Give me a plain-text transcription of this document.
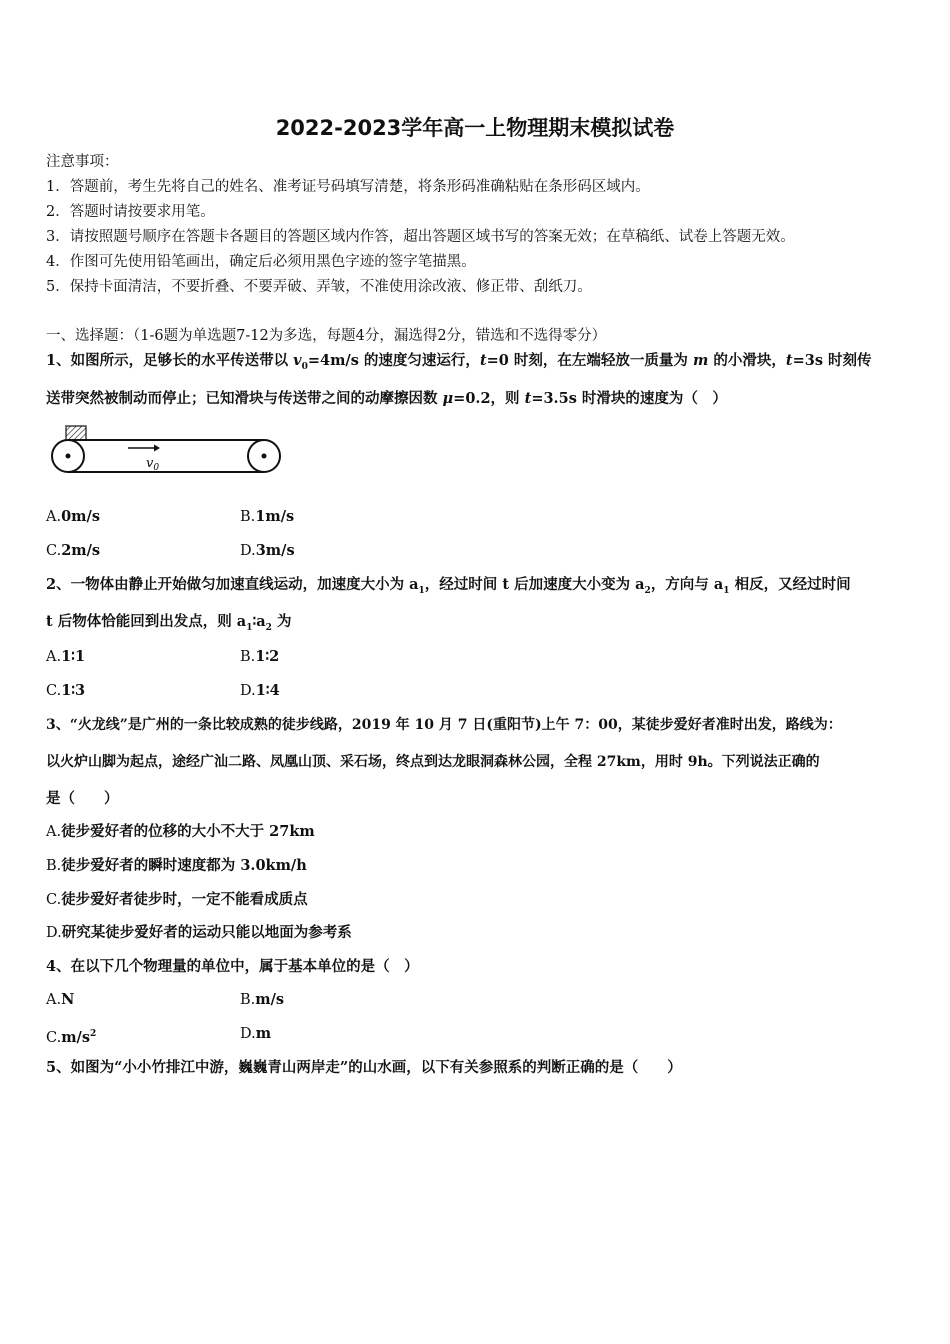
2022-2023学年高一上物理期末模拟试卷
注意事项：
1．答题前，考生先将自己的姓名、准考证号码填写清楚，将条形码准确粘贴在条形码区域内。
2．答题时请按要求用笔。
3．请按照题号顺序在答题卡各题目的答题区域内作答，超出答题区域书写的答案无效；在草稿纸、试卷上答题无效。
4．作图可先使用铅笔画出，确定后必须用黑色字迹的签字笔描黑。
5．保持卡面清洁，不要折叠、不要弄破、弄皱，不准使用涂改液、修正带、刮纸刀。
一、选择题：（1-6题为单选题7-12为多选，每题4分，漏选得2分，错选和不选得零分）
1、如图所示，足够长的水平传送带以 $v_0=4m/s$ 的速度匀速运行，t=0 时刻，在左端轻放一质量为 m 的小滑块，t=3s 时刻传
送带突然被制动而停止；已知滑块与传送带之间的动摩擦因数 μ=0.2，则 t=3.5s 时滑块的速度为（　）
$v_0$
A.0m/s	B.1m/s
C.2m/s	D.3m/s
2、一物体由静止开始做匀加速直线运动，加速度大小为 $a_1$，经过时间 t 后加速度大小变为 $a_2$，方向与 $a_1$ 相反，又经过时间
t 后物体恰能回到出发点，则 $a_1∶a_2$ 为
A.1∶1	B.1∶2
C.1∶3	D.1∶4
3、“火龙线”是广州的一条比较成熟的徒步线路，2019 年 10 月 7 日(重阳节)上午 7：00，某徒步爱好者准时出发，路线为：
以火炉山脚为起点，途经广汕二路、凤凰山顶、采石场，终点到达龙眼洞森林公园，全程 27km，用时 9h。下列说法正确的
是（　　）
A.徒步爱好者的位移的大小不大于 27km
B.徒步爱好者的瞬时速度都为 3.0km/h
C.徒步爱好者徒步时，一定不能看成质点
D.研究某徒步爱好者的运动只能以地面为参考系
4、在以下几个物理量的单位中，属于基本单位的是（　）
A.N	B.m/s
$C.m/s^2$	D.m
5、如图为“小小竹排江中游，巍巍青山两岸走”的山水画，以下有关参照系的判断正确的是（　　）
